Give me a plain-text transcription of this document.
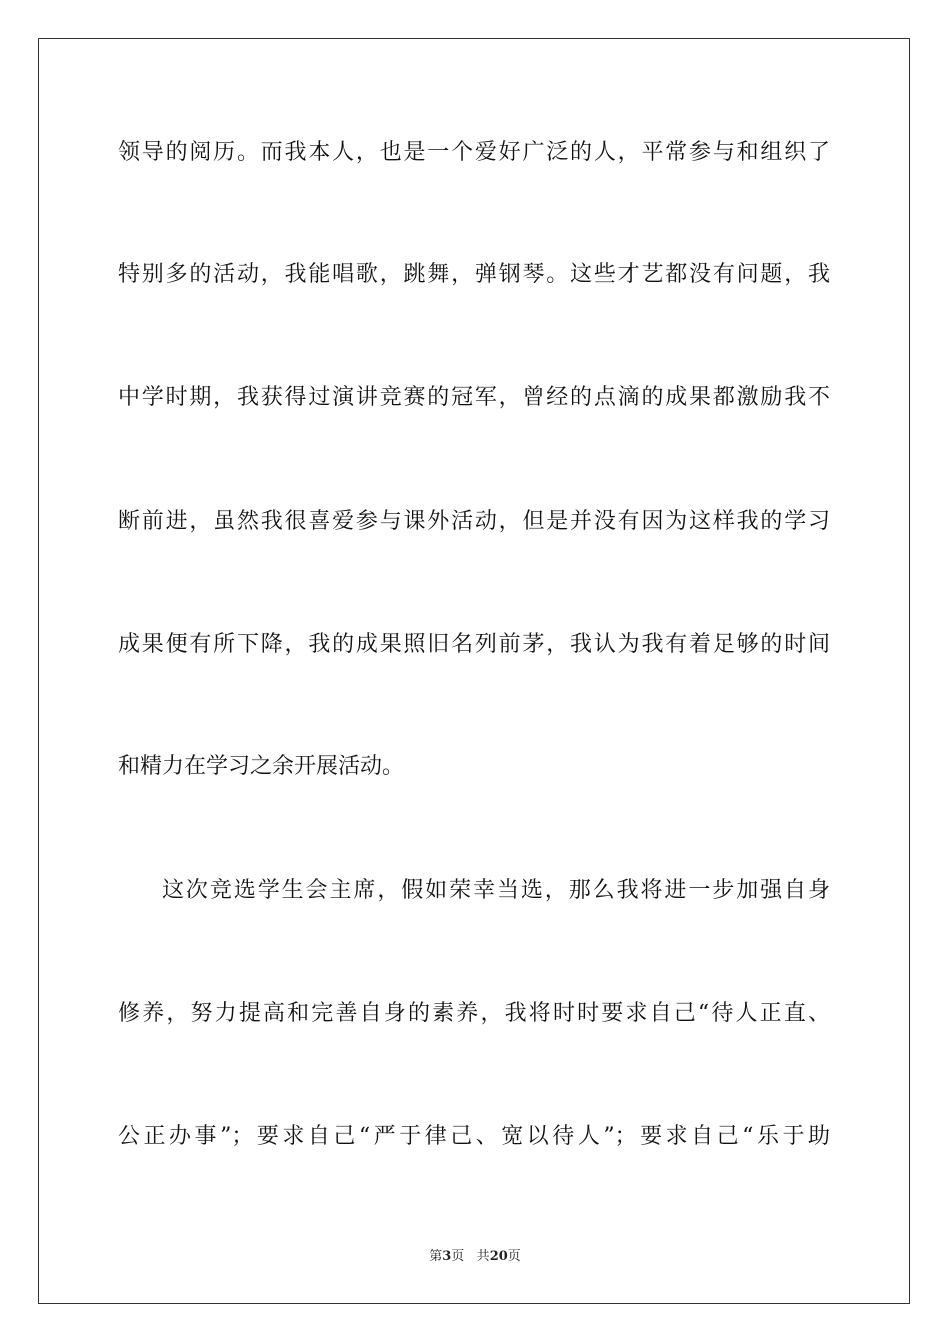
领导的阅历。而我本人，也是一个爱好广泛的人，平常参与和组织了
特别多的活动，我能唱歌，跳舞，弹钢琴。这些才艺都没有问题，我
中学时期，我获得过演讲竞赛的冠军，曾经的点滴的成果都激励我不
断前进，虽然我很喜爱参与课外活动，但是并没有因为这样我的学习
成果便有所下降，我的成果照旧名列前茅，我认为我有着足够的时间
和精力在学习之余开展活动。
这次竞选学生会主席，假如荣幸当选，那么我将进一步加强自身
修养，努力提高和完善自身的素养，我将时时要求自己“待人正直、
公正办事”；要求自己“严于律己、宽以待人”；要求自己“乐于助
第3页 共20页
